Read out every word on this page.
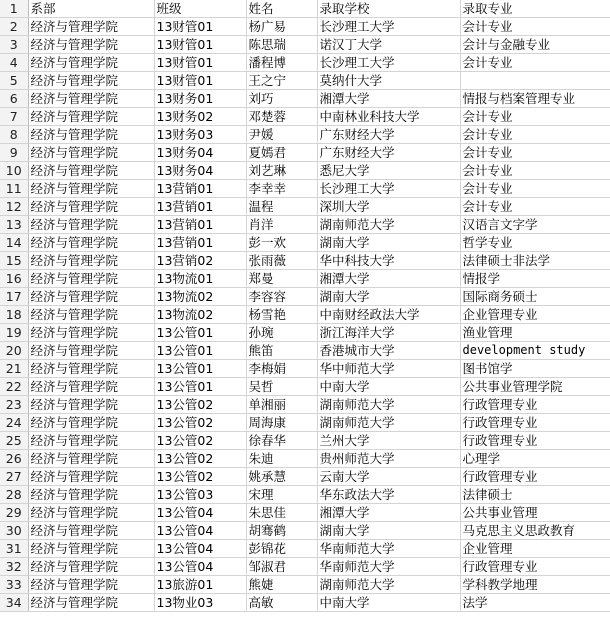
1	系部	班级	姓名	录取学校	录取专业
2	经济与管理学院	13财管01	杨广易	长沙理工大学	会计专业
3	经济与管理学院	13财管01	陈思瑞	诺汉丁大学	会计与金融专业
4	经济与管理学院	13财管01	潘程博	长沙理工大学	会计专业
5	经济与管理学院	13财管01	王之宁	莫纳什大学	
6	经济与管理学院	13财务01	刘巧	湘潭大学	情报与档案管理专业
7	经济与管理学院	13财务02	邓楚蓉	中南林业科技大学	会计专业
8	经济与管理学院	13财务03	尹媛	广东财经大学	会计专业
9	经济与管理学院	13财务04	夏嫣君	广东财经大学	会计专业
10	经济与管理学院	13财务04	刘艺琳	悉尼大学	会计专业
11	经济与管理学院	13营销01	李幸幸	长沙理工大学	会计专业
12	经济与管理学院	13营销01	温程	深圳大学	会计专业
13	经济与管理学院	13营销01	肖洋	湖南师范大学	汉语言文字学
14	经济与管理学院	13营销01	彭一欢	湖南大学	哲学专业
15	经济与管理学院	13营销02	张雨薇	华中科技大学	法律硕士非法学
16	经济与管理学院	13物流01	郑曼	湘潭大学	情报学
17	经济与管理学院	13物流02	李容容	湖南大学	国际商务硕士
18	经济与管理学院	13物流02	杨雪艳	中南财经政法大学	企业管理专业
19	经济与管理学院	13公管01	孙琬	浙江海洋大学	渔业管理
20	经济与管理学院	13公管01	熊笛	香港城市大学	development study
21	经济与管理学院	13公管01	李梅娟	华中师范大学	图书馆学
22	经济与管理学院	13公管01	吴哲	中南大学	公共事业管理学院
23	经济与管理学院	13公管02	单湘丽	湖南师范大学	行政管理专业
24	经济与管理学院	13公管02	周海康	湖南师范大学	行政管理专业
25	经济与管理学院	13公管02	徐春华	兰州大学	行政管理专业
26	经济与管理学院	13公管02	朱迪	贵州师范大学	心理学
27	经济与管理学院	13公管02	姚承慧	云南大学	行政管理专业
28	经济与管理学院	13公管03	宋理	华东政法大学	法律硕士
29	经济与管理学院	13公管04	朱思佳	湘潭大学	公共事业管理
30	经济与管理学院	13公管04	胡骞鹤	湖南大学	马克思主义思政教育
31	经济与管理学院	13公管04	彭锦花	华南师范大学	企业管理
32	经济与管理学院	13公管04	邹淑君	华南师范大学	行政管理专业
33	经济与管理学院	13旅游01	熊婕	湖南师范大学	学科教学地理
34	经济与管理学院	13物业03	高敏	中南大学	法学
